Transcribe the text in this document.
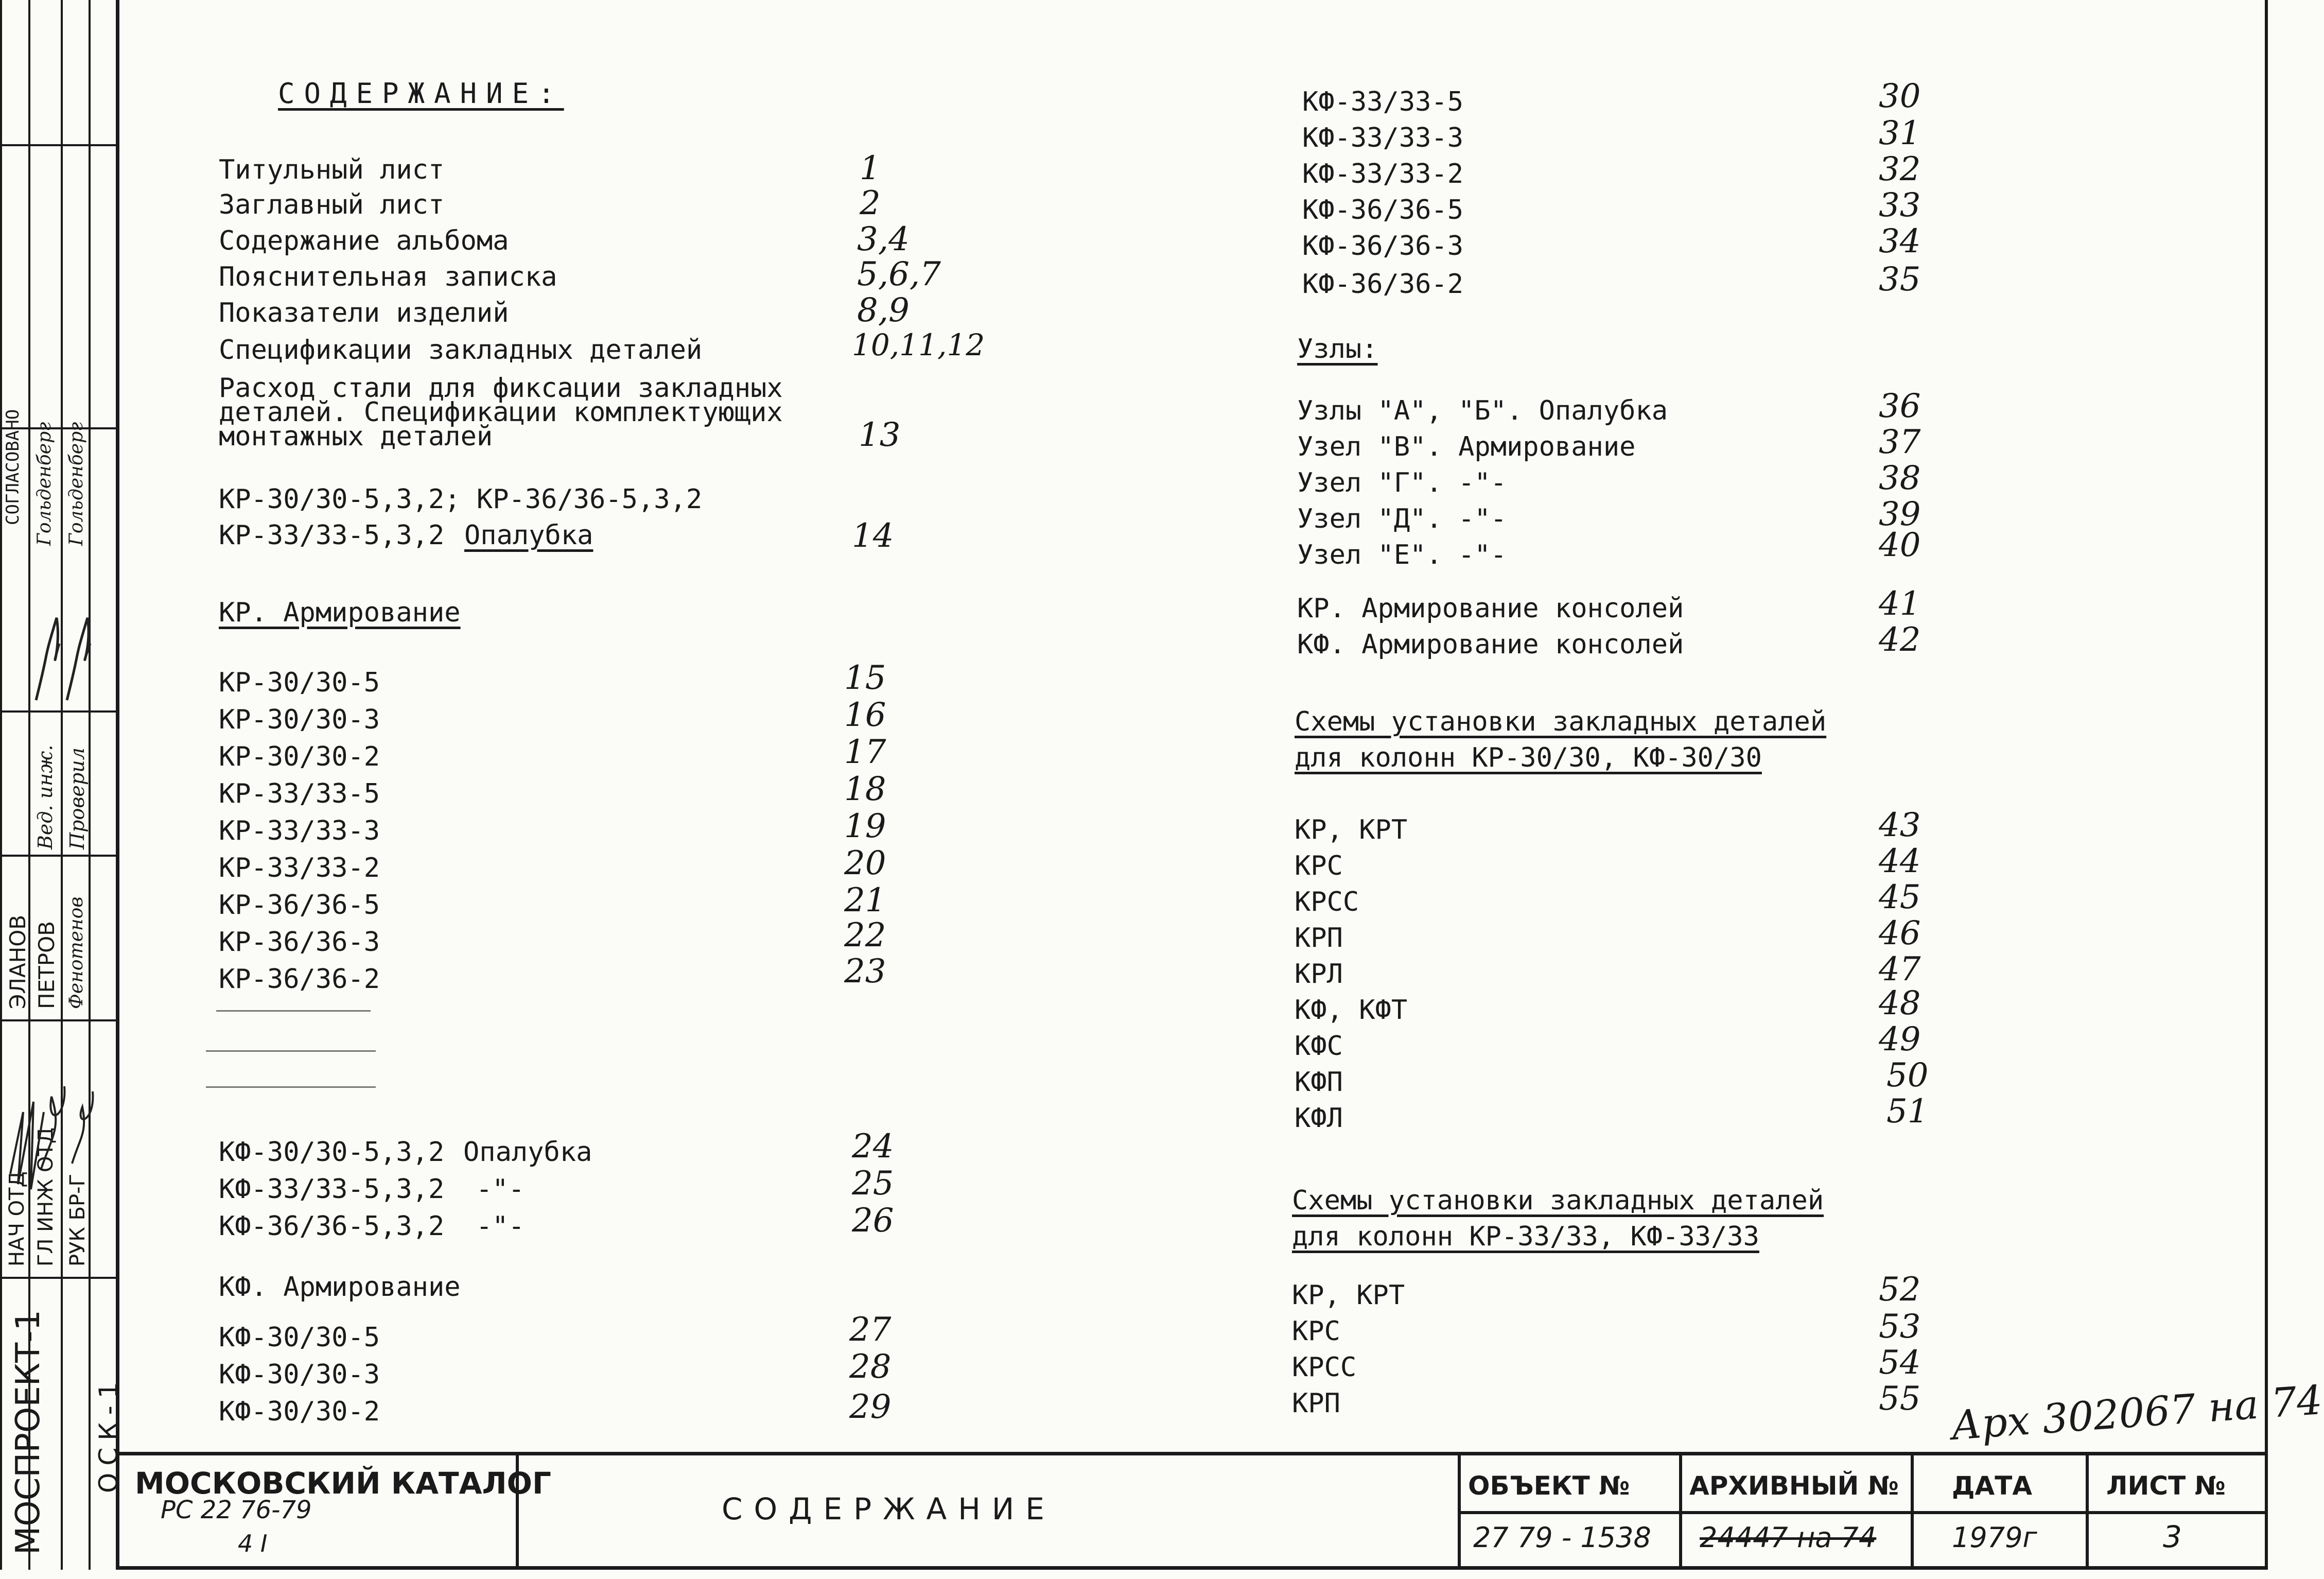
МОСПРОЕКТ-1 ОСК-1
СОГЛАСОВАНО
НАЧ ОТД ГЛ ИНЖ ОТД РУК БР-Г
ЭЛАНОВ ПЕТРОВ Фенотенов
Вед. инж. Проверил
Гольденберг Гольденберг
СОДЕРЖАНИЕ:
Титульный лист	1
Заглавный лист	2
Содержание альбома	3,4
Пояснительная записка	5,6,7
Показатели изделий	8,9
Спецификации закладных деталей	10,11,12
Расход стали для фиксации закладных
деталей. Спецификации комплектующих
монтажных деталей	13
КР-30/30-5,3,2; КР-36/36-5,3,2
КР-33/33-5,3,2 Опалубка	14
КР. Армирование
КР-30/30-5	15
КР-30/30-3	16
КР-30/30-2	17
КР-33/33-5	18
КР-33/33-3	19
КР-33/33-2	20
КР-36/36-5	21
КР-36/36-3	22
КР-36/36-2	23
КФ-30/30-5,3,2 Опалубка	24
КФ-33/33-5,3,2 -"-	25
КФ-36/36-5,3,2 -"-	26
КФ. Армирование
КФ-30/30-5	27
КФ-30/30-3	28
КФ-30/30-2	29
КФ-33/33-5	30
КФ-33/33-3	31
КФ-33/33-2	32
КФ-36/36-5	33
КФ-36/36-3	34
КФ-36/36-2	35
Узлы:
Узлы "А", "Б". Опалубка	36
Узел "В". Армирование	37
Узел "Г". -"-	38
Узел "Д". -"-	39
Узел "Е". -"-	40
КР. Армирование консолей	41
КФ. Армирование консолей	42
Схемы установки закладных деталей
для колонн КР-30/30, КФ-30/30
КР, КРТ	43
КРС	44
КРСС	45
КРП	46
КРЛ	47
КФ, КФТ	48
КФС	49
КФП	50
КФЛ	51
Схемы установки закладных деталей
для колонн КР-33/33, КФ-33/33
КР, КРТ	52
КРС	53
КРСС	54
КРП	55 Арх 302067 на 74
МОСКОВСКИЙ КАТАЛОГ
РС 22 76-79
4 I
СОДЕРЖАНИЕ
ОБЪЕКТ №
27 79 - 1538
АРХИВНЫЙ №
24447 на 74
ДАТА
1979г
ЛИСТ №
3
